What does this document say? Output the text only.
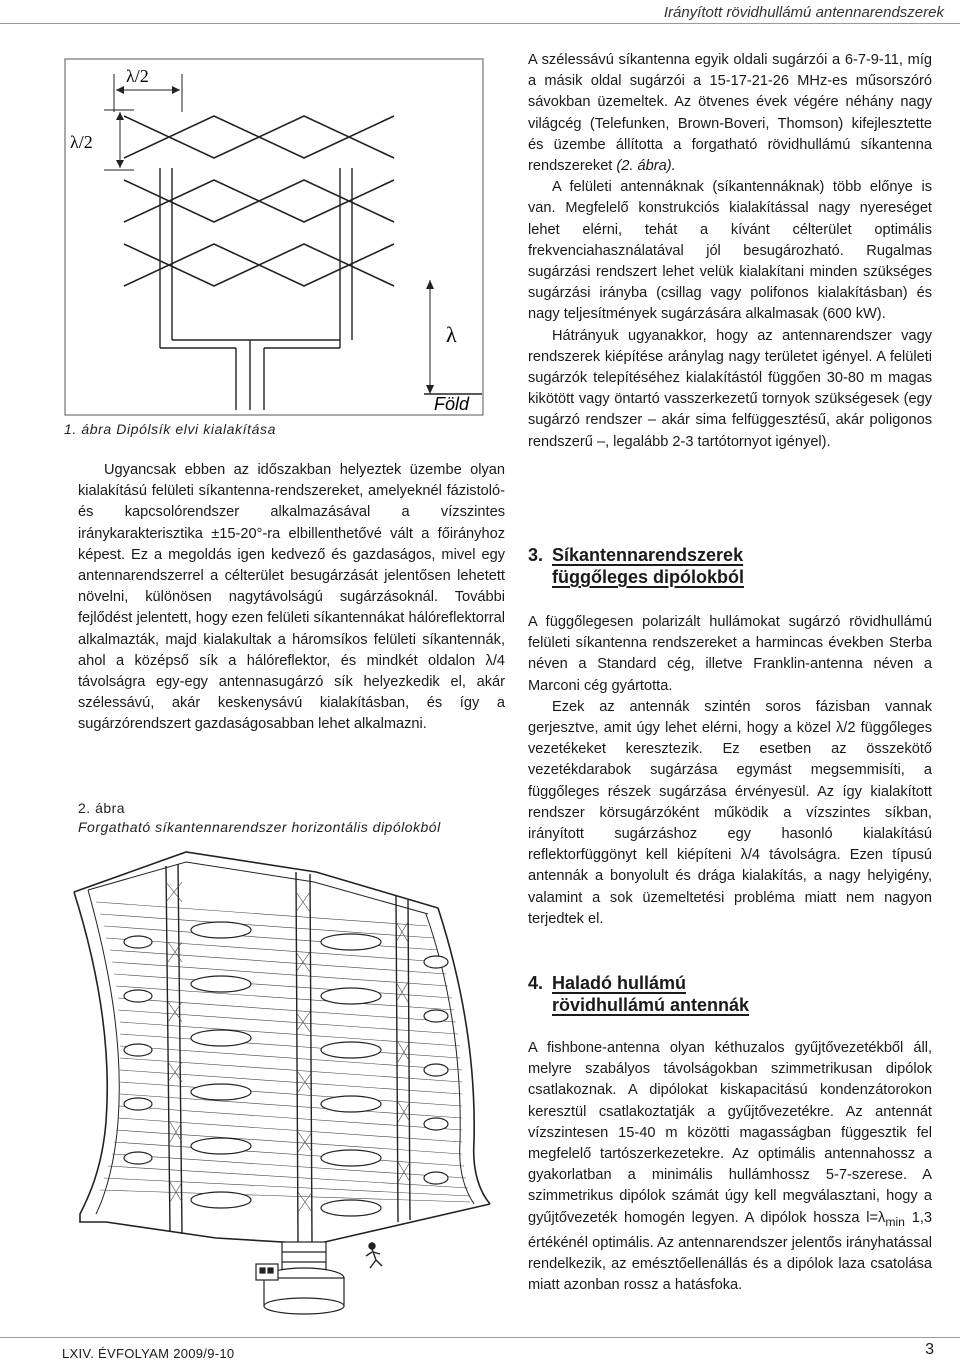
Irányított rövidhullámú antennarendszerek
λ/2
λ/2
λ
Föld
1. ábra Dipólsík elvi kialakítása

Ugyancsak ebben az időszakban helyeztek üzembe olyan kialakítású felületi síkantenna-rendszereket, amelyeknél fázistoló- és kapcsolórendszer alkalmazásával a vízszintes iránykarakterisztika ±15-20°-ra elbillenthetővé vált a főirányhoz képest. Ez a megoldás igen kedvező és gazdaságos, mivel egy antennarendszerrel a célterület besugárzását jelentősen lehetett növelni, különösen nagytávolságú sugárzásoknál. További fejlődést jelentett, hogy ezen felületi síkantennákat hálóreflektorral alkalmazták, majd kialakultak a háromsíkos felületi síkantennák, ahol a középső sík a hálóreflektor, és mindkét oldalon λ/4 távolságra egy-egy antennasugárzó sík helyezkedik el, akár szélessávú, akár keskenysávú kialakításban, és így a sugárzórendszert gazdaságosabban lehet alkalmazni.

2. ábra
Forgatható síkantennarendszer horizontális dipólokból

A szélessávú síkantenna egyik oldali sugárzói a 6-7-9-11, míg a másik oldal sugárzói a 15-17-21-26 MHz-es műsorszóró sávokban üzemeltek. Az ötvenes évek végére néhány nagy világcég (Telefunken, Brown-Boveri, Thomson) kifejlesztette és üzembe állította a forgatható rövidhullámú síkantenna rendszereket (2. ábra).

A felületi antennáknak (síkantennáknak) több előnye is van. Megfelelő konstrukciós kialakítással nagy nyereséget lehet elérni, tehát a kívánt célterület optimális frekvenciahasználatával jól besugározható. Rugalmas sugárzási rendszert lehet velük kialakítani minden szükséges sugárzási irányba (csillag vagy polifonos kialakításban) és nagy teljesítmények sugárzására alkalmasak (600 kW).

Hátrányuk ugyanakkor, hogy az antennarendszer vagy rendszerek kiépítése aránylag nagy területet igényel. A felületi sugárzók telepítéséhez kialakítástól függően 30-80 m magas kikötött vagy öntartó vasszerkezetű tornyok szükségesek (egy sugárzó rendszer – akár sima felfüggesztésű, akár poligonos rendszerű –, legalább 2-3 tartótornyot igényel).

3. Síkantennarendszerek
függőleges dipólokból

A függőlegesen polarizált hullámokat sugárzó rövidhullámú felületi síkantenna rendszereket a harmincas években Sterba néven a Standard cég, illetve Franklin-antenna néven a Marconi cég gyártotta.

Ezek az antennák szintén soros fázisban vannak gerjesztve, amit úgy lehet elérni, hogy a közel λ/2 függőleges vezetékeket keresztezik. Ez esetben az összekötő vezetékdarabok sugárzása egymást megsemmisíti, a függőleges részek sugárzása érvényesül. Az így kialakított rendszer körsugárzóként működik a vízszintes síkban, irányított sugárzáshoz egy hasonló kialakítású reflektorfüggönyt kell kiépíteni λ/4 távolságra. Ezen típusú antennák a bonyolult és drága kialakítás, a nagy helyigény, valamint a sok üzemeltetési probléma miatt nem nagyon terjedtek el.

4. Haladó hullámú
rövidhullámú antennák

A fishbone-antenna olyan kéthuzalos gyűjtővezetékből áll, melyre szabályos távolságokban szimmetrikusan dipólok csatlakoznak. A dipólokat kiskapacitású kondenzátorokon keresztül csatlakoztatják a gyűjtővezetékre. Az antennát vízszintesen 15-40 m közötti magasságban függesztik fel megfelelő tartószerkezetekre. Az optimális antennahossz a gyakorlatban a minimális hullámhossz 5-7-szerese. A szimmetrikus dipólok számát úgy kell megválasztani, hogy a gyűjtővezeték homogén legyen. A dipólok hossza $l=\lambda_{min}$ 1,3 értékénél optimális. Az antennarendszer jelentős irányhatással rendelkezik, az emésztőellenállás és a dipólok laza csatolása miatt azonban rossz a hatásfoka.

LXIV. ÉVFOLYAM 2009/9-10	3
